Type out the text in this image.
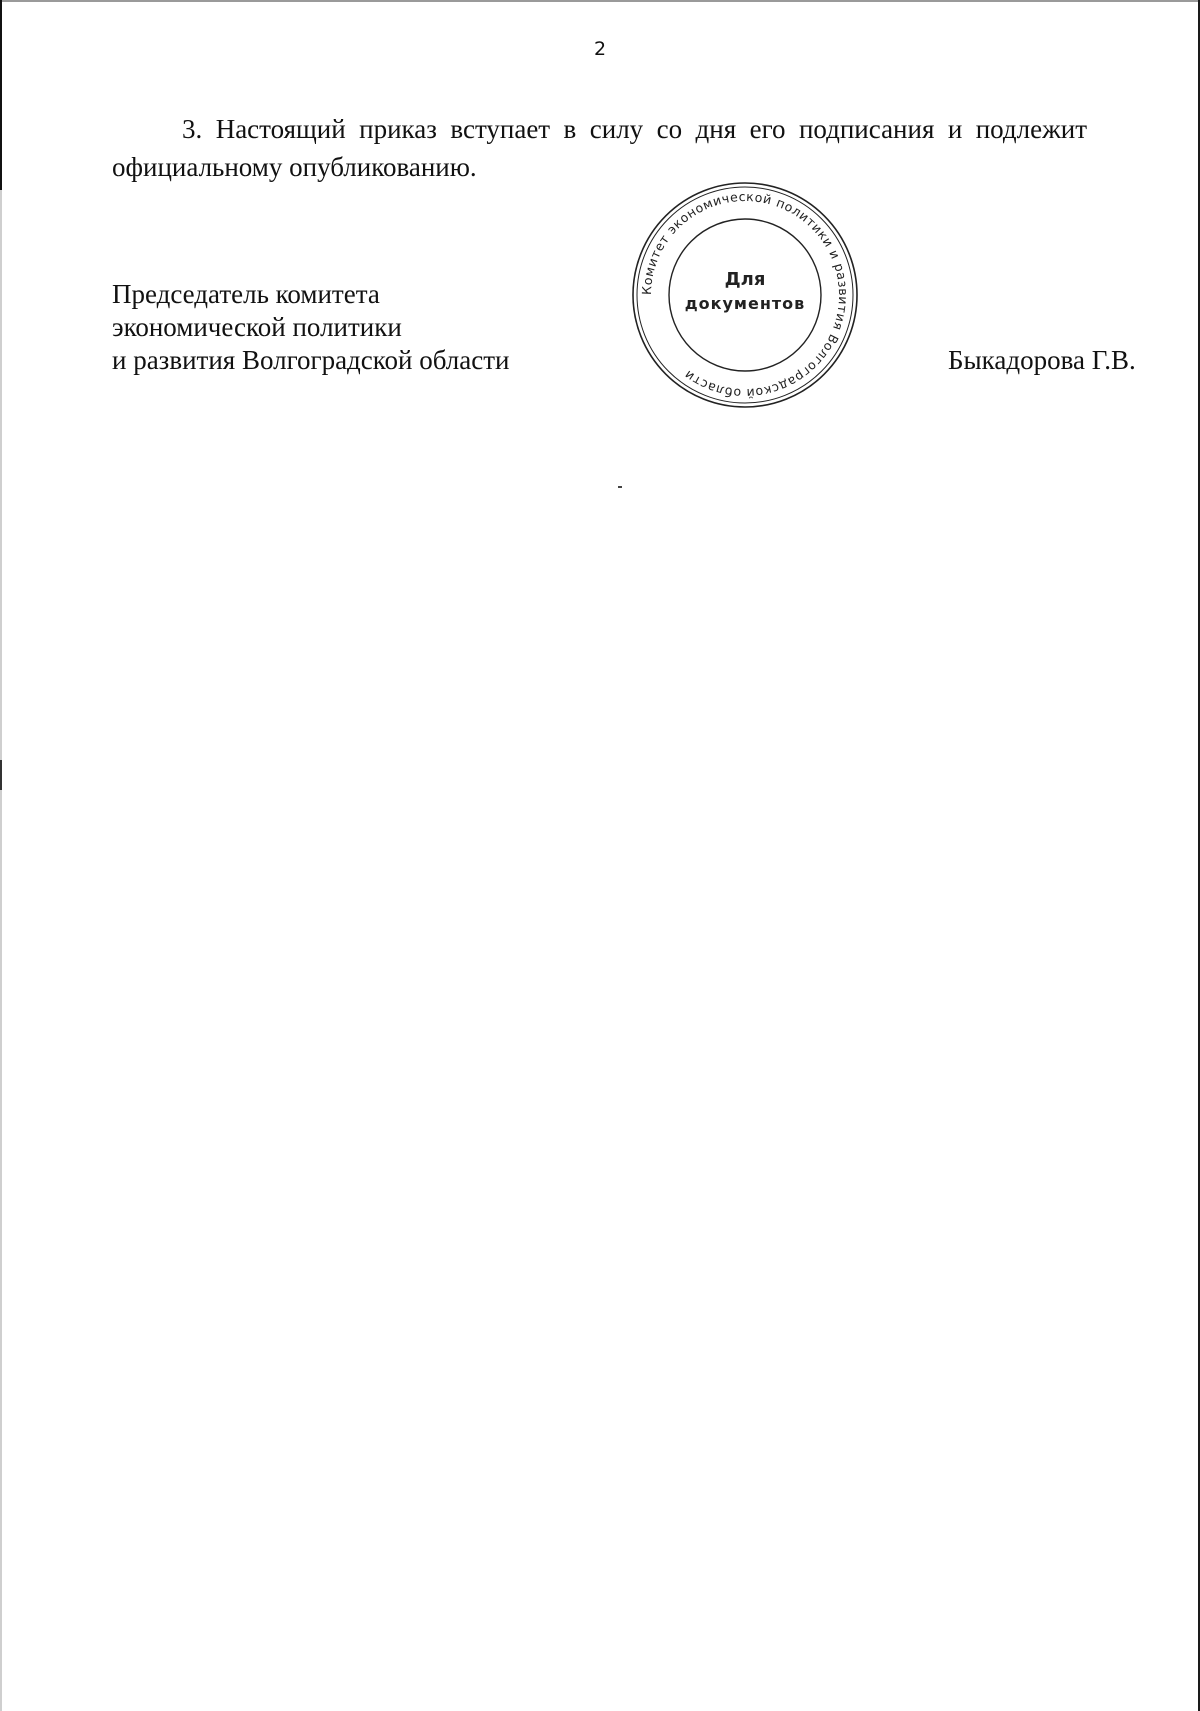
2

3. Настоящий приказ вступает в силу со дня его подписания и подлежит официальному опубликованию.

Председатель комитета
экономической политики
и развития Волгоградской области
Комитет экономической политики и развития Волгоградской области
Для
документов
Быкадорова Г.В.
